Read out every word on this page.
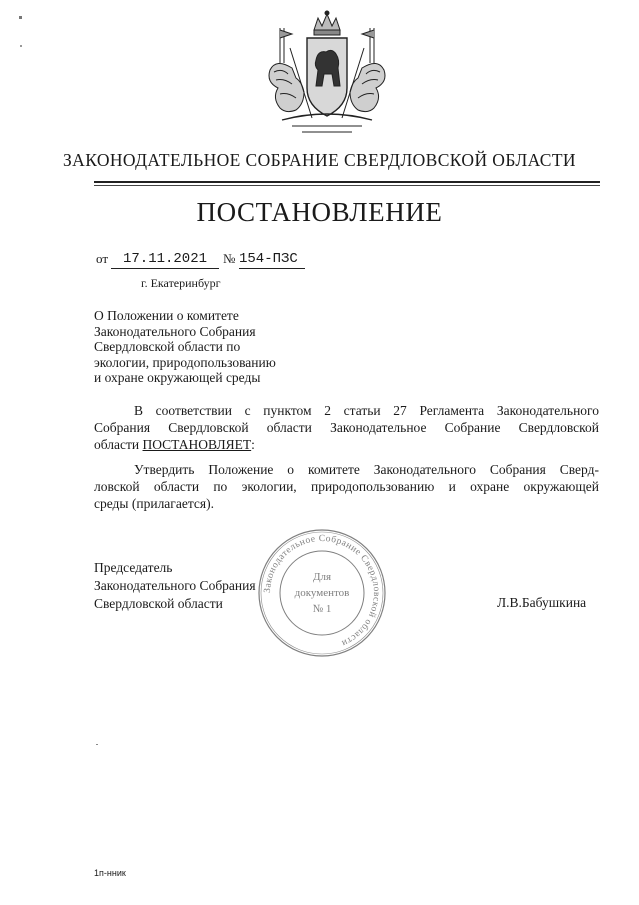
ЗАКОНОДАТЕЛЬНОЕ СОБРАНИЕ СВЕРДЛОВСКОЙ ОБЛАСТИ
ПОСТАНОВЛЕНИЕ
от	17.11.2021	№ 154-ПЗС
г. Екатеринбург
О Положении о комитете
Законодательного Собрания
Свердловской области по
экологии, природопользованию
и охране окружающей среды
В соответствии с пунктом 2 статьи 27 Регламента Законодательного
Собрания Свердловской области Законодательное Собрание Свердловской
области ПОСТАНОВЛЯЕТ:
Утвердить Положение о комитете Законодательного Собрания Сверд-
ловской области по экологии, природопользованию и охране окружающей
среды (прилагается).
Законодательное Собрание Свердловской области
Для
документов
№ 1
Председатель
Законодательного Собрания
Свердловской области	Л.В.Бабушкина
1п-нник
